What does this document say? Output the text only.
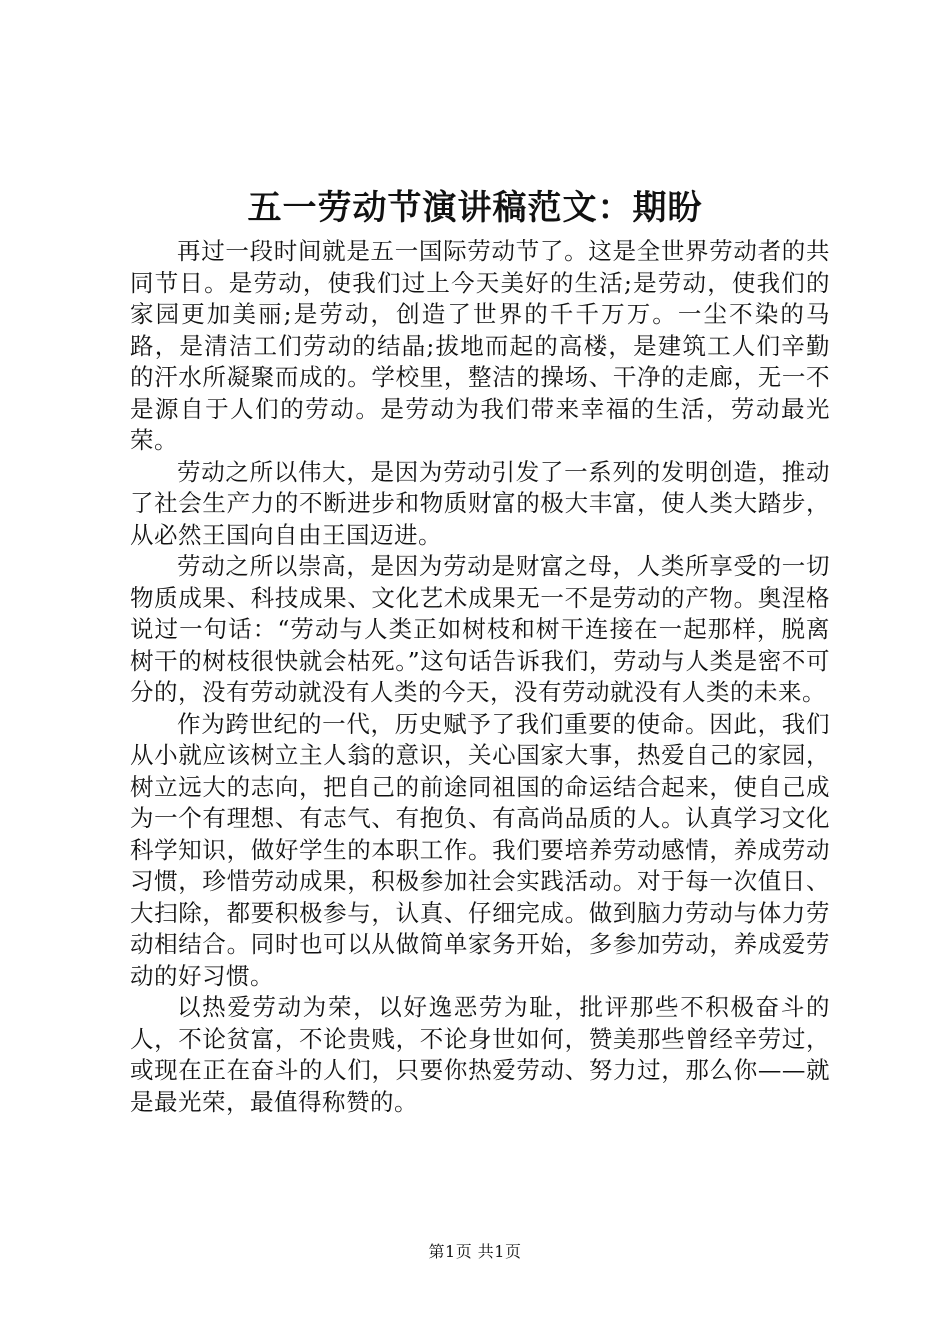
五一劳动节演讲稿范文：期盼

再过一段时间就是五一国际劳动节了。这是全世界劳动者的共同节日。是劳动，使我们过上今天美好的生活;是劳动，使我们的家园更加美丽;是劳动，创造了世界的千千万万。一尘不染的马路，是清洁工们劳动的结晶;拔地而起的高楼，是建筑工人们辛勤的汗水所凝聚而成的。学校里，整洁的操场、干净的走廊，无一不是源自于人们的劳动。是劳动为我们带来幸福的生活，劳动最光荣。

劳动之所以伟大，是因为劳动引发了一系列的发明创造，推动了社会生产力的不断进步和物质财富的极大丰富，使人类大踏步，从必然王国向自由王国迈进。

劳动之所以崇高，是因为劳动是财富之母，人类所享受的一切物质成果、科技成果、文化艺术成果无一不是劳动的产物。奥涅格说过一句话：“劳动与人类正如树枝和树干连接在一起那样，脱离树干的树枝很快就会枯死。”这句话告诉我们，劳动与人类是密不可分的，没有劳动就没有人类的今天，没有劳动就没有人类的未来。

作为跨世纪的一代，历史赋予了我们重要的使命。因此，我们从小就应该树立主人翁的意识，关心国家大事，热爱自己的家园，树立远大的志向，把自己的前途同祖国的命运结合起来，使自己成为一个有理想、有志气、有抱负、有高尚品质的人。认真学习文化科学知识，做好学生的本职工作。我们要培养劳动感情，养成劳动习惯，珍惜劳动成果，积极参加社会实践活动。对于每一次值日、大扫除，都要积极参与，认真、仔细完成。做到脑力劳动与体力劳动相结合。同时也可以从做简单家务开始，多参加劳动，养成爱劳动的好习惯。

以热爱劳动为荣，以好逸恶劳为耻，批评那些不积极奋斗的人，不论贫富，不论贵贱，不论身世如何，赞美那些曾经辛劳过，或现在正在奋斗的人们，只要你热爱劳动、努力过，那么你——就是最光荣，最值得称赞的。

第1页 共1页
